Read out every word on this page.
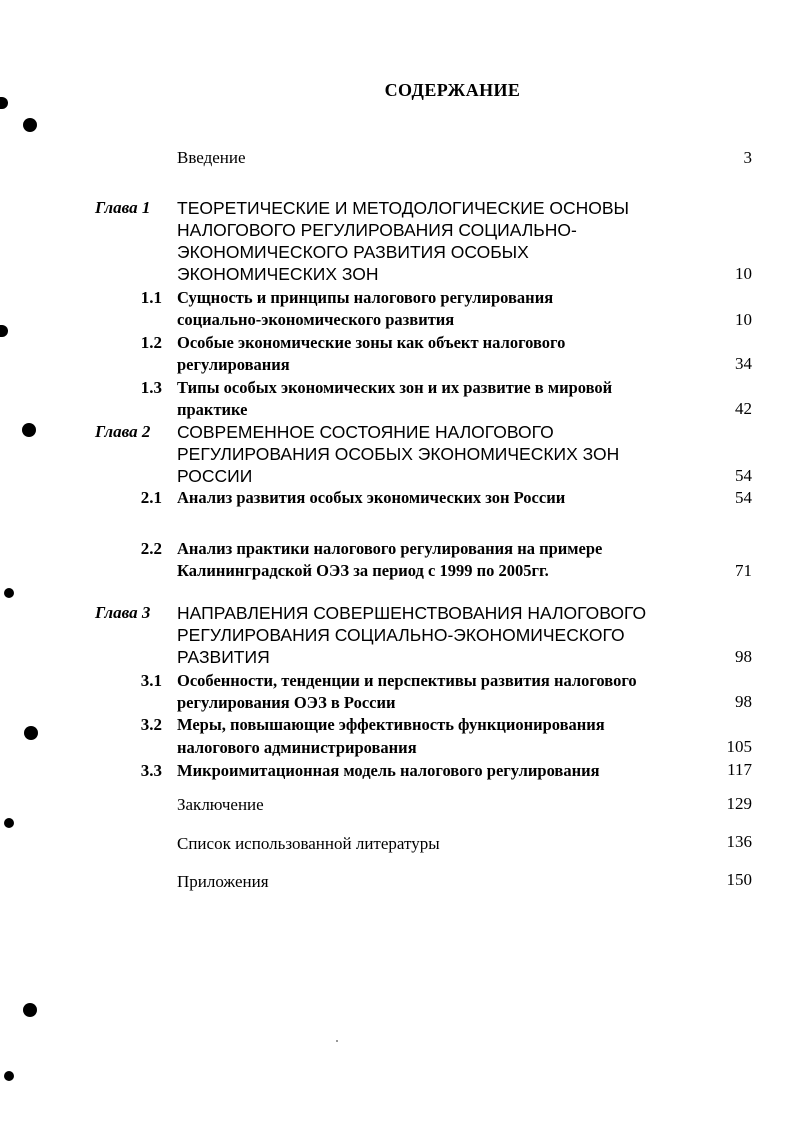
СОДЕРЖАНИЕ
Введение	3
Глава 1	ТЕОРЕТИЧЕСКИЕ И МЕТОДОЛОГИЧЕСКИЕ ОСНОВЫ
НАЛОГОВОГО РЕГУЛИРОВАНИЯ СОЦИАЛЬНО-
ЭКОНОМИЧЕСКОГО РАЗВИТИЯ ОСОБЫХ
ЭКОНОМИЧЕСКИХ ЗОН	10
1.1 Сущность и принципы налогового регулирования
социально-экономического развития	10
1.2 Особые экономические зоны как объект налогового
регулирования	34
1.3 Типы особых экономических зон и их развитие в мировой
практике	42
Глава 2	СОВРЕМЕННОЕ СОСТОЯНИЕ НАЛОГОВОГО
РЕГУЛИРОВАНИЯ ОСОБЫХ ЭКОНОМИЧЕСКИХ ЗОН
РОССИИ	54
2.1 Анализ развития особых экономических зон России	54
2.2 Анализ практики налогового регулирования на примере
Калининградской ОЭЗ за период с 1999 по 2005гг.	71
Глава 3	НАПРАВЛЕНИЯ СОВЕРШЕНСТВОВАНИЯ НАЛОГОВОГО
РЕГУЛИРОВАНИЯ СОЦИАЛЬНО-ЭКОНОМИЧЕСКОГО
РАЗВИТИЯ	98
3.1 Особенности, тенденции и перспективы развития налогового
регулирования ОЭЗ в России	98
3.2 Меры, повышающие эффективность функционирования
налогового администрирования	105
3.3 Микроимитационная модель налогового регулирования	117
Заключение	129
Список использованной литературы	136
Приложения	150
